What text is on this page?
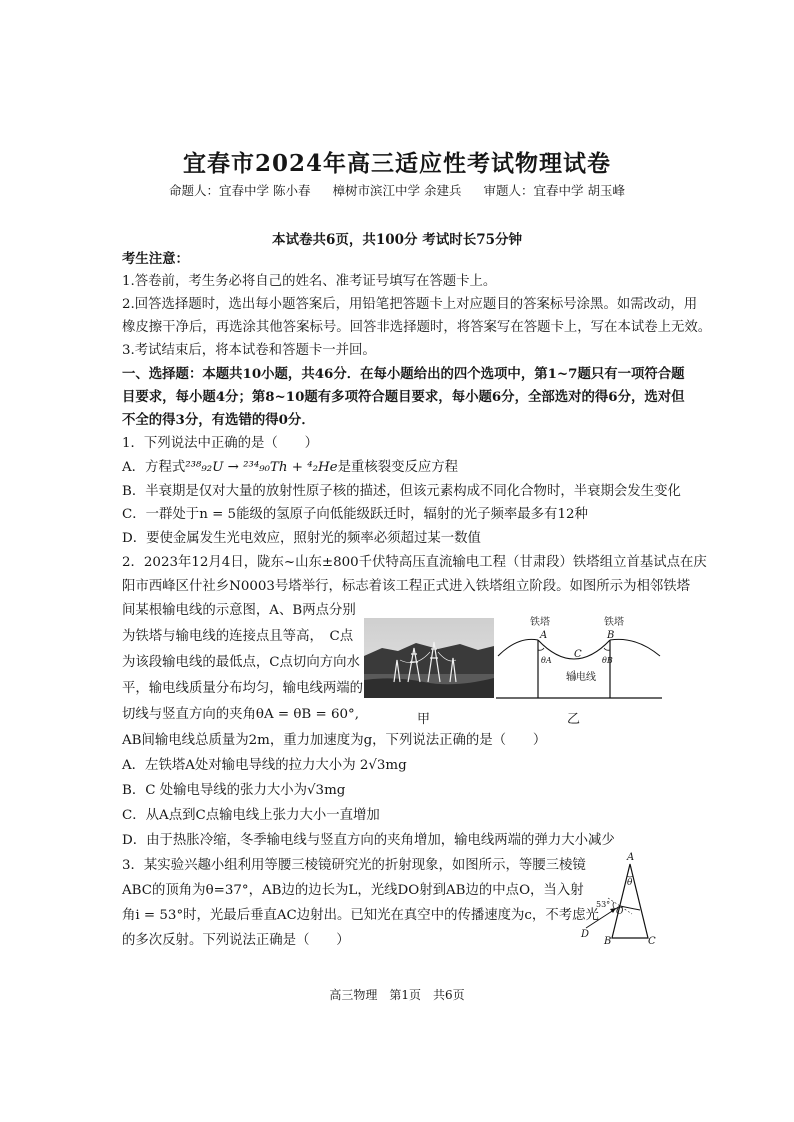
宜春市2024年高三适应性考试物理试卷
命题人：宜春中学 陈小春 樟树市滨江中学 余建兵 审题人：宜春中学 胡玉峰
本试卷共6页，共100分 考试时长75分钟
考生注意：
1.答卷前，考生务必将自己的姓名、准考证号填写在答题卡上。
2.回答选择题时，选出每小题答案后，用铅笔把答题卡上对应题目的答案标号涂黑。如需改动，用
橡皮擦干净后，再选涂其他答案标号。回答非选择题时，将答案写在答题卡上，写在本试卷上无效。
3.考试结束后，将本试卷和答题卡一并回。
一、选择题：本题共10小题，共46分．在每小题给出的四个选项中，第1~7题只有一项符合题
目要求，每小题4分；第8~10题有多项符合题目要求，每小题6分，全部选对的得6分，选对但
不全的得3分，有选错的得0分．
1．下列说法中正确的是（　　）
A．方程式²³⁸₉₂U → ²³⁴₉₀Th + ⁴₂He是重核裂变反应方程
B．半衰期是仅对大量的放射性原子核的描述，但该元素构成不同化合物时，半衰期会发生变化
C．一群处于n = 5能级的氢原子向低能级跃迁时，辐射的光子频率最多有12种
D．要使金属发生光电效应，照射光的频率必须超过某一数值
2．2023年12月4日，陇东~山东±800千伏特高压直流输电工程（甘肃段）铁塔组立首基试点在庆
阳市西峰区什社乡N0003号塔举行，标志着该工程正式进入铁塔组立阶段。如图所示为相邻铁塔
间某根输电线的示意图，A、B两点分别
为铁塔与输电线的连接点且等高，　C点
为该段输电线的最低点，C点切向方向水
平，输电线质量分布均匀，输电线两端的
切线与竖直方向的夹角θA = θB = 60°,
AB间输电线总质量为2m，重力加速度为g，下列说法正确的是（　　）
甲
铁塔	铁塔
A	B
C
θA	θB
输电线
乙
A．左铁塔A处对输电导线的拉力大小为 2√3mg
B．C 处输电导线的张力大小为√3mg
C．从A点到C点输电线上张力大小一直增加
D．由于热胀冷缩，冬季输电线与竖直方向的夹角增加，输电线两端的弹力大小减少
3．某实验兴趣小组利用等腰三棱镜研究光的折射现象，如图所示，等腰三棱镜
ABC的顶角为θ=37°，AB边的边长为L，光线DO射到AB边的中点O，当入射
角i = 53°时，光最后垂直AC边射出。已知光在真空中的传播速度为c，不考虑光
的多次反射。下列说法正确是（　　）
A
θ
53°
O
D
B	C
高三物理　第1页　共6页
